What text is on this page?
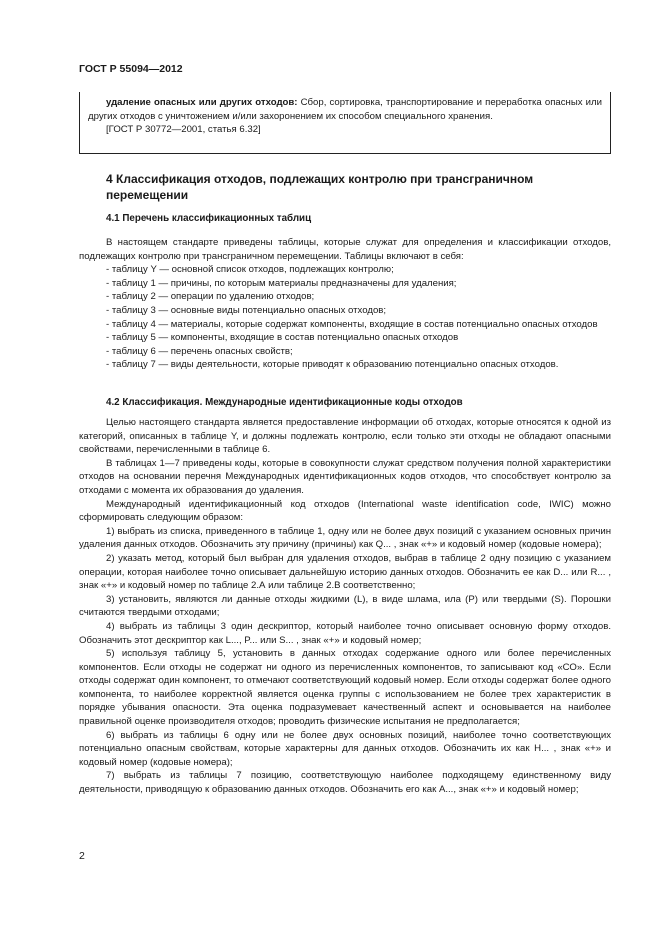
ГОСТ Р 55094—2012

удаление опасных или других отходов: Сбор, сортировка, транспортирование и переработка опасных или других отходов с уничтожением и/или захоронением их способом специального хранения.

[ГОСТ Р 30772—2001, статья 6.32]

4 Классификация отходов, подлежащих контролю при трансграничном перемещении
4.1 Перечень классификационных таблиц

В настоящем стандарте приведены таблицы, которые служат для определения и классификации отходов, подлежащих контролю при трансграничном перемещении. Таблицы включают в себя:

- таблицу Y — основной список отходов, подлежащих контролю;

- таблицу 1 — причины, по которым материалы предназначены для удаления;

- таблицу 2 — операции по удалению отходов;

- таблицу 3 — основные виды потенциально опасных отходов;

- таблицу 4 — материалы, которые содержат компоненты, входящие в состав потенциально опасных отходов

- таблицу 5 — компоненты, входящие в состав потенциально опасных отходов

- таблицу 6 — перечень опасных свойств;

- таблицу 7 — виды деятельности, которые приводят к образованию потенциально опасных отходов.

4.2 Классификация. Международные идентификационные коды отходов

Целью настоящего стандарта является предоставление информации об отходах, которые относятся к одной из категорий, описанных в таблице Y, и должны подлежать контролю, если только эти отходы не обладают опасными свойствами, перечисленными в таблице 6.

В таблицах 1—7 приведены коды, которые в совокупности служат средством получения полной характеристики отходов на основании перечня Международных идентификационных кодов отходов, что способствует контролю за отходами с момента их образования до удаления.

Международный идентификационный код отходов (International waste identification code, IWIC) можно сформировать следующим образом:

1) выбрать из списка, приведенного в таблице 1, одну или не более двух позиций с указанием основных причин удаления данных отходов. Обозначить эту причину (причины) как Q... , знак «+» и кодовый номер (кодовые номера);

2) указать метод, который был выбран для удаления отходов, выбрав в таблице 2 одну позицию с указанием операции, которая наиболее точно описывает дальнейшую историю данных отходов. Обозначить ее как D... или R... , знак «+» и кодовый номер по таблице 2.А или таблице 2.В соответственно;

3) установить, являются ли данные отходы жидкими (L), в виде шлама, ила (P) или твердыми (S). Порошки считаются твердыми отходами;

4) выбрать из таблицы 3 один дескриптор, который наиболее точно описывает основную форму отходов. Обозначить этот дескриптор как L..., P... или S... , знак «+» и кодовый номер;

5) используя таблицу 5, установить в данных отходах содержание одного или более перечисленных компонентов. Если отходы не содержат ни одного из перечисленных компонентов, то записывают код «СО». Если отходы содержат один компонент, то отмечают соответствующий кодовый номер. Если отходы содержат более одного компонента, то наиболее корректной является оценка группы с использованием не более трех характеристик в порядке убывания опасности. Эта оценка подразумевает качественный аспект и основывается на наиболее правильной оценке производителя отходов; проводить физические испытания не предполагается;

6) выбрать из таблицы 6 одну или не более двух основных позиций, наиболее точно соответствующих потенциально опасным свойствам, которые характерны для данных отходов. Обозначить их как H... , знак «+» и кодовый номер (кодовые номера);

7) выбрать из таблицы 7 позицию, соответствующую наиболее подходящему единственному виду деятельности, приводящую к образованию данных отходов. Обозначить его как A..., знак «+» и кодовый номер;

2
